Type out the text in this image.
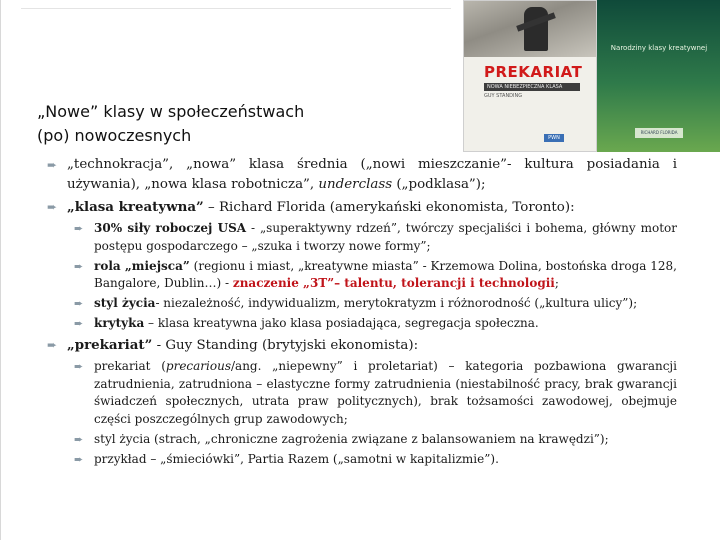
„Nowe” klasy w społeczeństwach
(po) nowoczesnych
PREKARIAT
NOWA NIEBEZPIECZNA KLASA
GUY STANDING
PWN
Narodziny klasy kreatywnej
RICHARD FLORIDA
➨ „technokracja”, „nowa” klasa średnia („nowi mieszczanie”- kultura posiadania i używania), „nowa klasa robotnicza”, underclass („podklasa”);
➨ „klasa kreatywna” – Richard Florida (amerykański ekonomista, Toronto):
➨ 30% siły roboczej USA - „superaktywny rdzeń”, twórczy specjaliści i bohema, główny motor postępu gospodarczego – „szuka i tworzy nowe formy”;
➨ rola „miejsca” (regionu i miast, „kreatywne miasta” - Krzemowa Dolina, bostońska droga 128, Bangalore, Dublin…) - znaczenie „3T”– talentu, tolerancji i technologii;
➨ styl życia- niezależność, indywidualizm, merytokratyzm i różnorodność („kultura ulicy”);
➨ krytyka – klasa kreatywna jako klasa posiadająca, segregacja społeczna.
➨ „prekariat” - Guy Standing (brytyjski ekonomista):
➨ prekariat (precarious/ang. „niepewny” i proletariat) – kategoria pozbawiona gwarancji zatrudnienia, zatrudniona – elastyczne formy zatrudnienia (niestabilność pracy, brak gwarancji świadczeń społecznych, utrata praw politycznych), brak tożsamości zawodowej, obejmuje części poszczególnych grup zawodowych;
➨ styl życia (strach, „chroniczne zagrożenia związane z balansowaniem na krawędzi”);
➨ przykład – „śmieciówki”, Partia Razem („samotni w kapitalizmie”).
